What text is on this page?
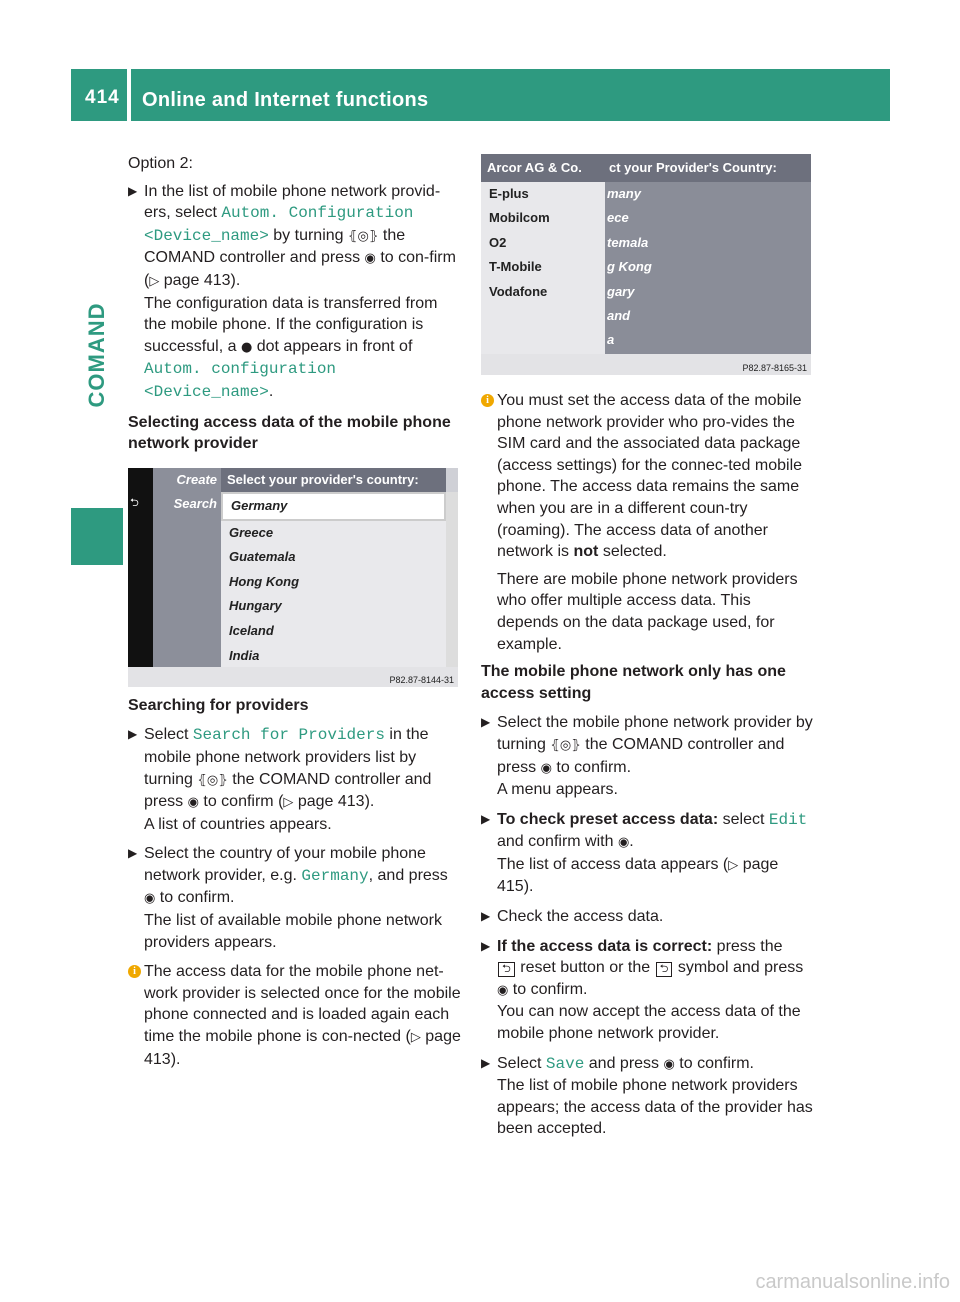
414 Online and Internet functions
COMAND

Option 2:

▶ In the list of mobile phone network provid-ers, select Autom. Configuration <Device_name> by turning ⦃◎⦄ the COMAND controller and press ◉ to con-firm (▷ page 413).
The configuration data is transferred from the mobile phone. If the configuration is successful, a ● dot appears in front of
Autom. configuration
<Device_name>.

Selecting access data of the mobile phone network provider

Searching for providers

▶ Select Search for Providers in the mobile phone network providers list by turning ⦃◎⦄ the COMAND controller and press ◉ to confirm (▷ page 413).
A list of countries appears.

▶ Select the country of your mobile phone network provider, e.g. Germany, and press ◉ to confirm.
The list of available mobile phone network providers appears.

i The access data for the mobile phone net-work provider is selected once for the mobile phone connected and is loaded again each time the mobile phone is con-nected (▷ page 413).

Create
Search
⮌
Select your provider's country:
Germany
Greece
Guatemala
Hong Kong
Hungary
Iceland
India
P82.87-8144-31
Arcor AG & Co.
E-plus
Mobilcom
O2
T-Mobile
Vodafone
ct your Provider's Country:
many
ece
temala
g Kong
gary
and
a
P82.87-8165-31

i You must set the access data of the mobile phone network provider who pro-vides the SIM card and the associated data package (access settings) for the connec-ted mobile phone. The access data remains the same when you are in a different coun-try (roaming). The access data of another network is not selected.

There are mobile phone network providers who offer multiple access data. This depends on the data package used, for example.

The mobile phone network only has one access setting

▶ Select the mobile phone network provider by turning ⦃◎⦄ the COMAND controller and press ◉ to confirm.
A menu appears.

▶ To check preset access data: select Edit and confirm with ◉.
The list of access data appears (▷ page 415).

▶ Check the access data.

▶ If the access data is correct: press the
⮌ reset button or the ⮌ symbol and press ◉ to confirm.
You can now accept the access data of the mobile phone network provider.

▶ Select Save and press ◉ to confirm.
The list of mobile phone network providers appears; the access data of the provider has been accepted.

carmanualsonline.info
